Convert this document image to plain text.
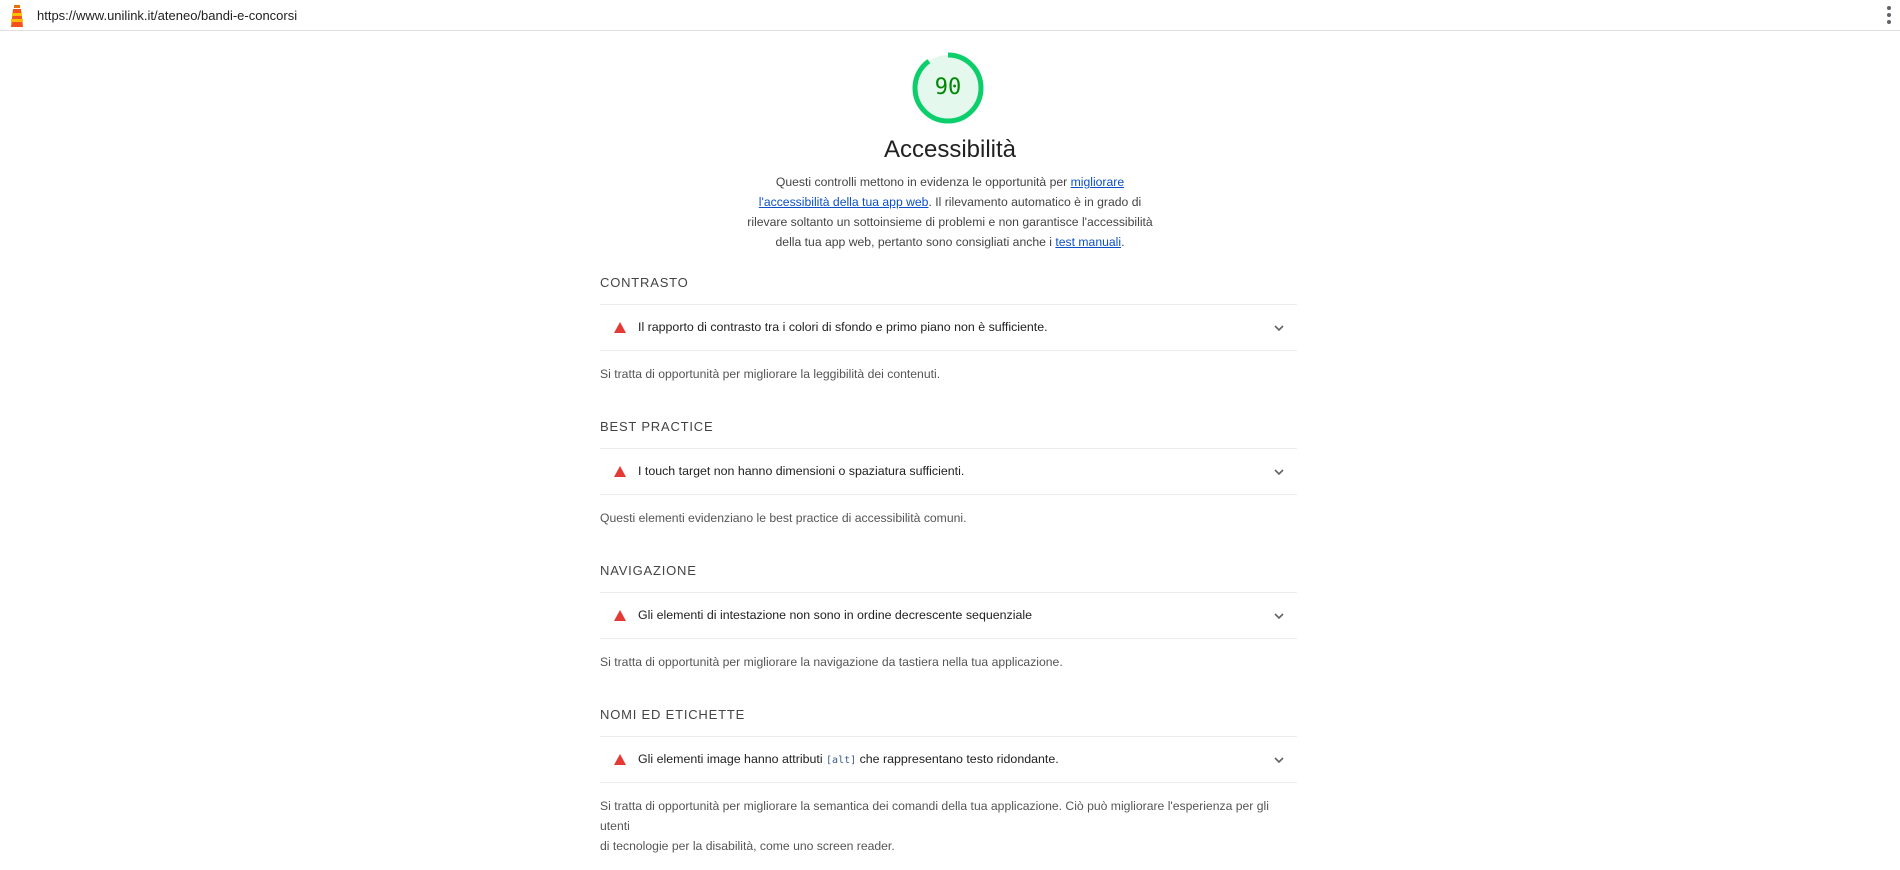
https://www.unilink.it/ateneo/bandi-e-concorsi
90
Accessibilità
Questi controlli mettono in evidenza le opportunità per migliorare
l'accessibilità della tua app web. Il rilevamento automatico è in grado di
rilevare soltanto un sottoinsieme di problemi e non garantisce l'accessibilità
della tua app web, pertanto sono consigliati anche i test manuali.
CONTRASTO
Il rapporto di contrasto tra i colori di sfondo e primo piano non è sufficiente.
Si tratta di opportunità per migliorare la leggibilità dei contenuti.
BEST PRACTICE
I touch target non hanno dimensioni o spaziatura sufficienti.
Questi elementi evidenziano le best practice di accessibilità comuni.
NAVIGAZIONE
Gli elementi di intestazione non sono in ordine decrescente sequenziale
Si tratta di opportunità per migliorare la navigazione da tastiera nella tua applicazione.
NOMI ED ETICHETTE
Gli elementi image hanno attributi [alt] che rappresentano testo ridondante.
Si tratta di opportunità per migliorare la semantica dei comandi della tua applicazione. Ciò può migliorare l'esperienza per gli utenti
di tecnologie per la disabilità, come uno screen reader.
